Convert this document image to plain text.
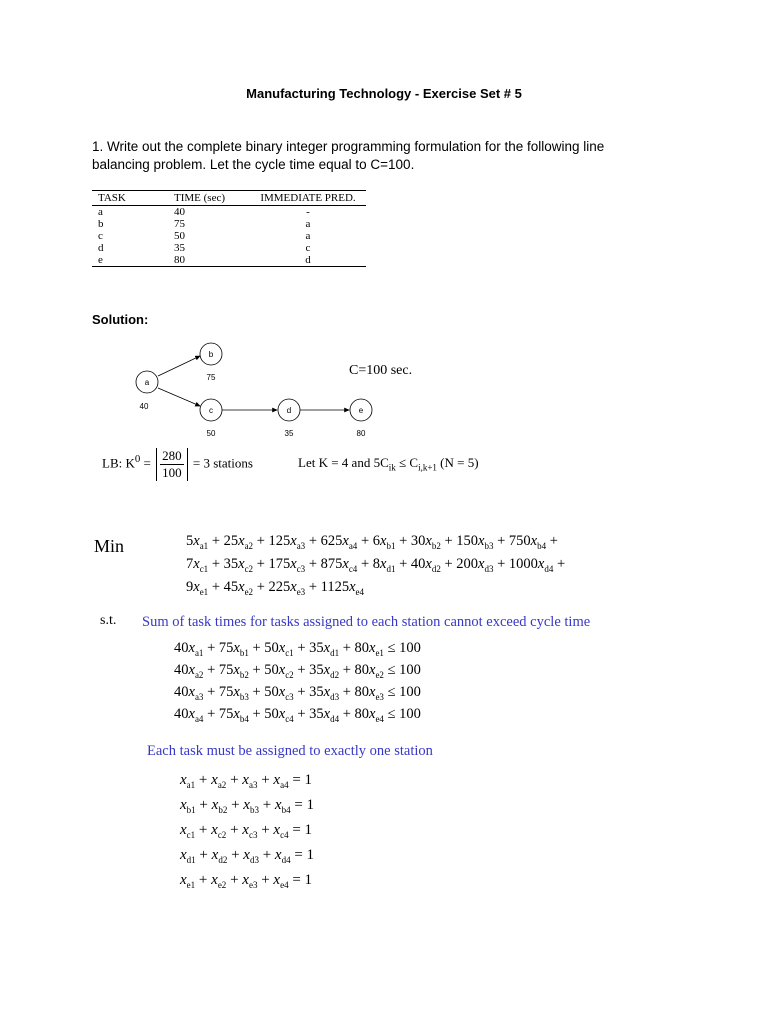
Manufacturing Technology - Exercise Set # 5
1. Write out the complete binary integer programming formulation for the following line balancing problem. Let the cycle time equal to C=100.
TASK	TIME (sec)	IMMEDIATE PRED.
a	40	-
b	75	a
c	50	a
d	35	c
e	80	d
Solution:
a
40
b
75
c
50
d
35
e
80
C=100 sec.
LB: $K^0 = \frac{280}{100} = 3$ stations	Let K = 4 and $5C_{ik} \le C_{i,k+1}$ (N = 5)
Min	$5x_{a1} + 25x_{a2} + 125x_{a3} + 625x_{a4} + 6x_{b1} + 30x_{b2} + 150x_{b3} + 750x_{b4}$ +
$7x_{c1} + 35x_{c2} + 175x_{c3} + 875x_{c4} + 8x_{d1} + 40x_{d2} + 200x_{d3} + 1000x_{d4}$ +
$9x_{e1} + 45x_{e2} + 225x_{e3} + 1125x_{e4}$
s.t. Sum of task times for tasks assigned to each station cannot exceed cycle time
$40x_{a1} + 75x_{b1} + 50x_{c1} + 35x_{d1} + 80x_{e1} \le 100$
$40x_{a2} + 75x_{b2} + 50x_{c2} + 35x_{d2} + 80x_{e2} \le 100$
$40x_{a3} + 75x_{b3} + 50x_{c3} + 35x_{d3} + 80x_{e3} \le 100$
$40x_{a4} + 75x_{b4} + 50x_{c4} + 35x_{d4} + 80x_{e4} \le 100$
Each task must be assigned to exactly one station
$x_{a1} + x_{a2} + x_{a3} + x_{a4} = 1$
$x_{b1} + x_{b2} + x_{b3} + x_{b4} = 1$
$x_{c1} + x_{c2} + x_{c3} + x_{c4} = 1$
$x_{d1} + x_{d2} + x_{d3} + x_{d4} = 1$
$x_{e1} + x_{e2} + x_{e3} + x_{e4} = 1$
